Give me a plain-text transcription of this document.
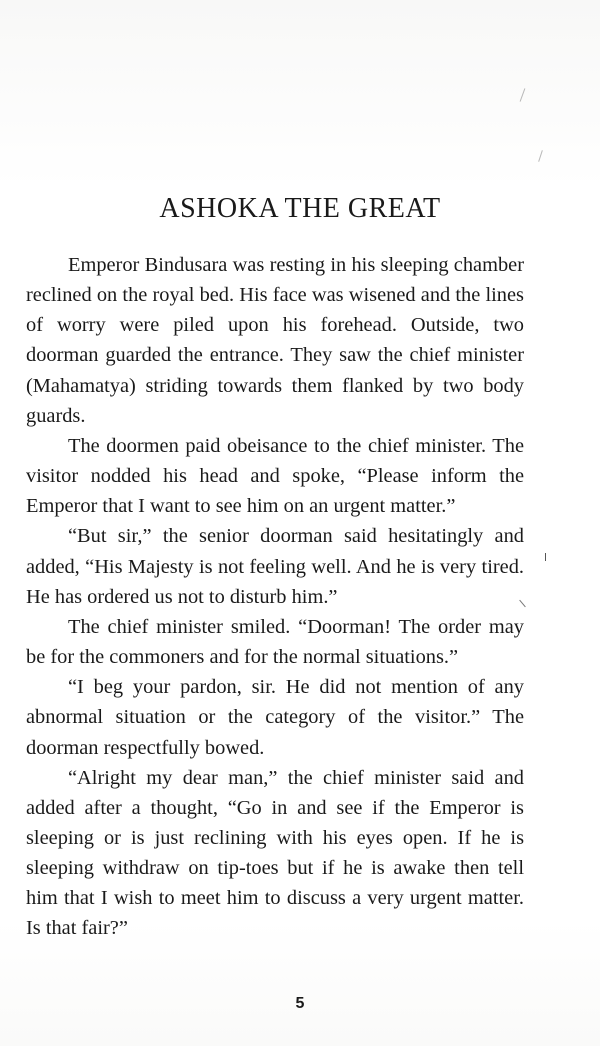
ASHOKA THE GREAT

Emperor Bindusara was resting in his sleeping chamber reclined on the royal bed. His face was wisened and the lines of worry were piled upon his forehead. Outside, two doorman guarded the entrance. They saw the chief minister (Mahamatya) striding towards them flanked by two body guards.

The doormen paid obeisance to the chief minister. The visitor nodded his head and spoke, “Please inform the Emperor that I want to see him on an urgent matter.”

“But sir,” the senior doorman said hesitatingly and added, “His Majesty is not feeling well. And he is very tired. He has ordered us not to disturb him.”

The chief minister smiled. “Doorman! The order may be for the commoners and for the normal situations.”

“I beg your pardon, sir. He did not mention of any abnormal situation or the category of the visitor.” The doorman respectfully bowed.

“Alright my dear man,” the chief minister said and added after a thought, “Go in and see if the Emperor is sleeping or is just reclining with his eyes open. If he is sleeping withdraw on tip-toes but if he is awake then tell him that I wish to meet him to discuss a very urgent matter. Is that fair?”

5
